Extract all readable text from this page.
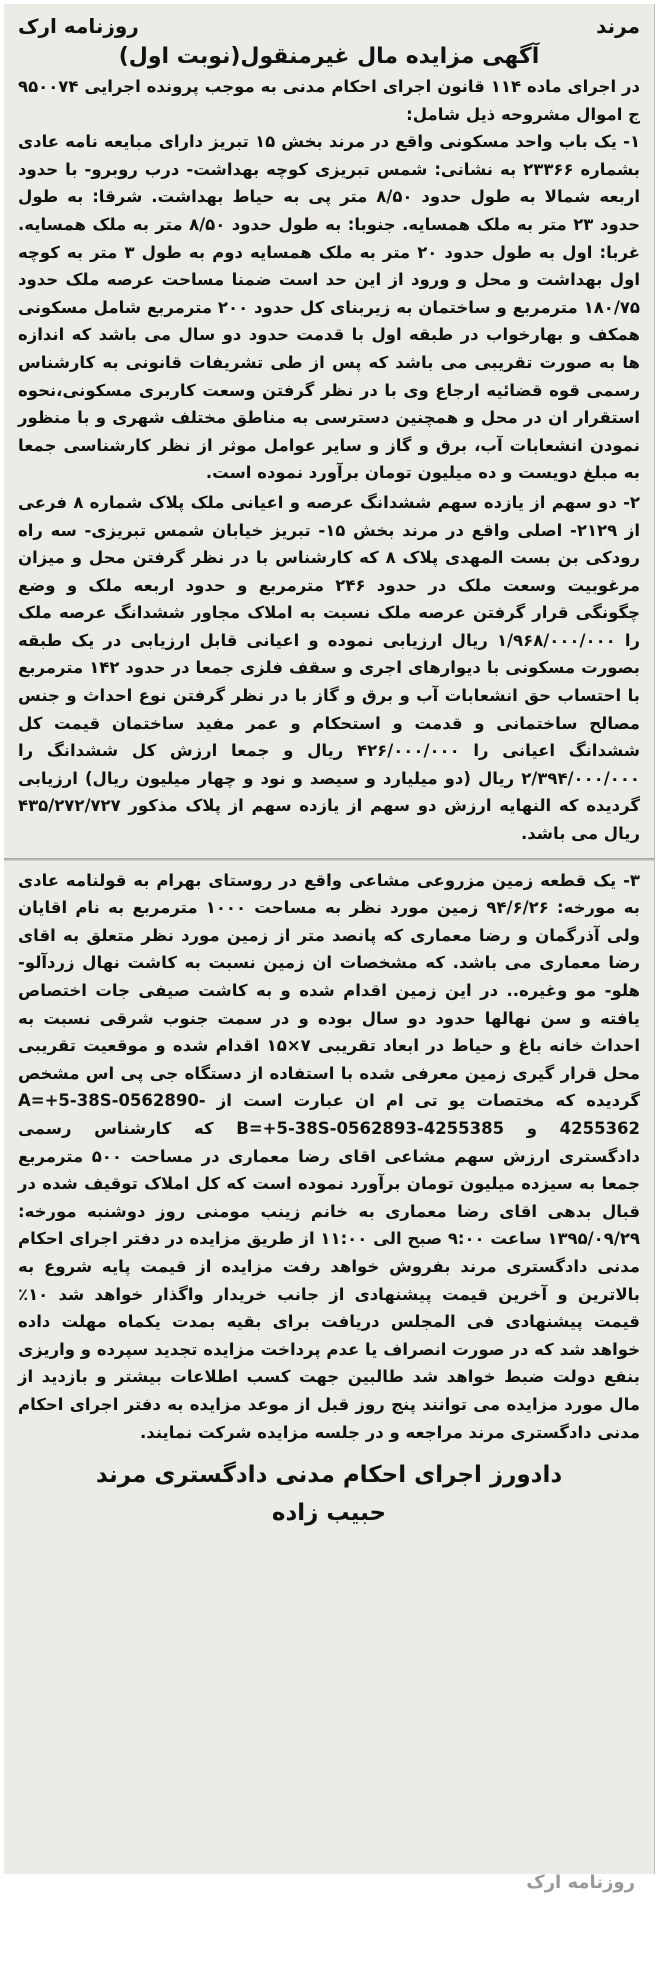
مرند
روزنامه ارک
آگهی مزایده مال غیرمنقول(نوبت اول)

در اجرای ماده ۱۱۴ قانون اجرای احکام مدنی به موجب پرونده اجرایی ۹۵۰۰۷۴ ج اموال مشروحه ذیل شامل:

۱- یک باب واحد مسکونی واقع در مرند بخش ۱۵ تبریز دارای مبایعه نامه عادی بشماره ۲۳۳۶۶ به نشانی: شمس تبریزی کوچه بهداشت- درب روبرو- با حدود اربعه شمالا به طول حدود ۸/۵۰ متر پی به حیاط بهداشت. شرقا: به طول حدود ۲۳ متر به ملک همسایه. جنوبا: به طول حدود ۸/۵۰ متر به ملک همسایه. غربا: اول به طول حدود ۲۰ متر به ملک همسایه دوم به طول ۳ متر به کوچه اول بهداشت و محل و ورود از این حد است ضمنا مساحت عرصه ملک حدود ۱۸۰/۷۵ مترمربع و ساختمان به زیربنای کل حدود ۲۰۰ مترمربع شامل مسکونی همکف و بهارخواب در طبقه اول با قدمت حدود دو سال می باشد که اندازه ها به صورت تقریبی می باشد که پس از طی تشریفات قانونی به کارشناس رسمی قوه قضائیه ارجاع وی با در نظر گرفتن وسعت کاربری مسکونی،نحوه استقرار ان در محل و همچنین دسترسی به مناطق مختلف شهری و با منظور نمودن انشعابات آب، برق و گاز و سایر عوامل موثر از نظر کارشناسی جمعا به مبلغ دویست و ده میلیون تومان برآورد نموده است.

۲- دو سهم از یازده سهم ششدانگ عرصه و اعیانی ملک پلاک شماره ۸ فرعی از ۲۱۲۹- اصلی واقع در مرند بخش ۱۵- تبریز خیابان شمس تبریزی- سه راه رودکی بن بست المهدی پلاک ۸ که کارشناس با در نظر گرفتن محل و میزان مرغوبیت وسعت ملک در حدود ۲۴۶ مترمربع و حدود اربعه ملک و وضع چگونگی قرار گرفتن عرصه ملک نسبت به املاک مجاور ششدانگ عرصه ملک را ۱/۹۶۸/۰۰۰/۰۰۰ ریال ارزیابی نموده و اعیانی قابل ارزیابی در یک طبقه بصورت مسکونی با دیوارهای اجری و سقف فلزی جمعا در حدود ۱۴۲ مترمربع با احتساب حق انشعابات آب و برق و گاز با در نظر گرفتن نوع احداث و جنس مصالح ساختمانی و قدمت و استحکام و عمر مفید ساختمان قیمت کل ششدانگ اعیانی را ۴۲۶/۰۰۰/۰۰۰ ریال و جمعا ارزش کل ششدانگ را ۲/۳۹۴/۰۰۰/۰۰۰ ریال (دو میلیارد و سیصد و نود و چهار میلیون ریال) ارزیابی گردیده که النهایه ارزش دو سهم از یازده سهم از پلاک مذکور ۴۳۵/۲۷۲/۷۲۷ ریال می باشد.

۳- یک قطعه زمین مزروعی مشاعی واقع در روستای بهرام به قولنامه عادی به مورخه: ۹۴/۶/۲۶ زمین مورد نظر به مساحت ۱۰۰۰ مترمربع به نام اقایان ولی آذرگمان و رضا معماری که پانصد متر از زمین مورد نظر متعلق به اقای رضا معماری می باشد. که مشخصات ان زمین نسبت به کاشت نهال زردآلو- هلو- مو وغیره.. در این زمین اقدام شده و به کاشت صیفی جات اختصاص یافته و سن نهالها حدود دو سال بوده و در سمت جنوب شرقی نسبت به احداث خانه باغ و حیاط در ابعاد تقریبی ۷×۱۵ اقدام شده و موقعیت تقریبی محل قرار گیری زمین معرفی شده با استفاده از دستگاه جی پی اس مشخص گردیده که مختصات یو تی ام ان عبارت است از A=+5-38S-0562890-4255362 و B=+5-38S-0562893-4255385 که کارشناس رسمی دادگستری ارزش سهم مشاعی اقای رضا معماری در مساحت ۵۰۰ مترمربع جمعا به سیزده میلیون تومان برآورد نموده است که کل املاک توقیف شده در قبال بدهی اقای رضا معماری به خانم زینب مومنی روز دوشنبه مورخه: ۱۳۹۵/۰۹/۲۹ ساعت ۹:۰۰ صبح الی ۱۱:۰۰ از طریق مزایده در دفتر اجرای احکام مدنی دادگستری مرند بفروش خواهد رفت مزایده از قیمت پایه شروع به بالاترین و آخرین قیمت پیشنهادی از جانب خریدار واگذار خواهد شد ۱۰٪ قیمت پیشنهادی فی المجلس دریافت برای بقیه بمدت یکماه مهلت داده خواهد شد که در صورت انصراف یا عدم پرداخت مزایده تجدید سپرده و واریزی بنفع دولت ضبط خواهد شد طالبین جهت کسب اطلاعات بیشتر و بازدید از مال مورد مزایده می توانند پنج روز قبل از موعد مزایده به دفتر اجرای احکام مدنی دادگستری مرند مراجعه و در جلسه مزایده شرکت نمایند.

دادورز اجرای احکام مدنی دادگستری مرند
حبیب زاده
روزنامه ارک
